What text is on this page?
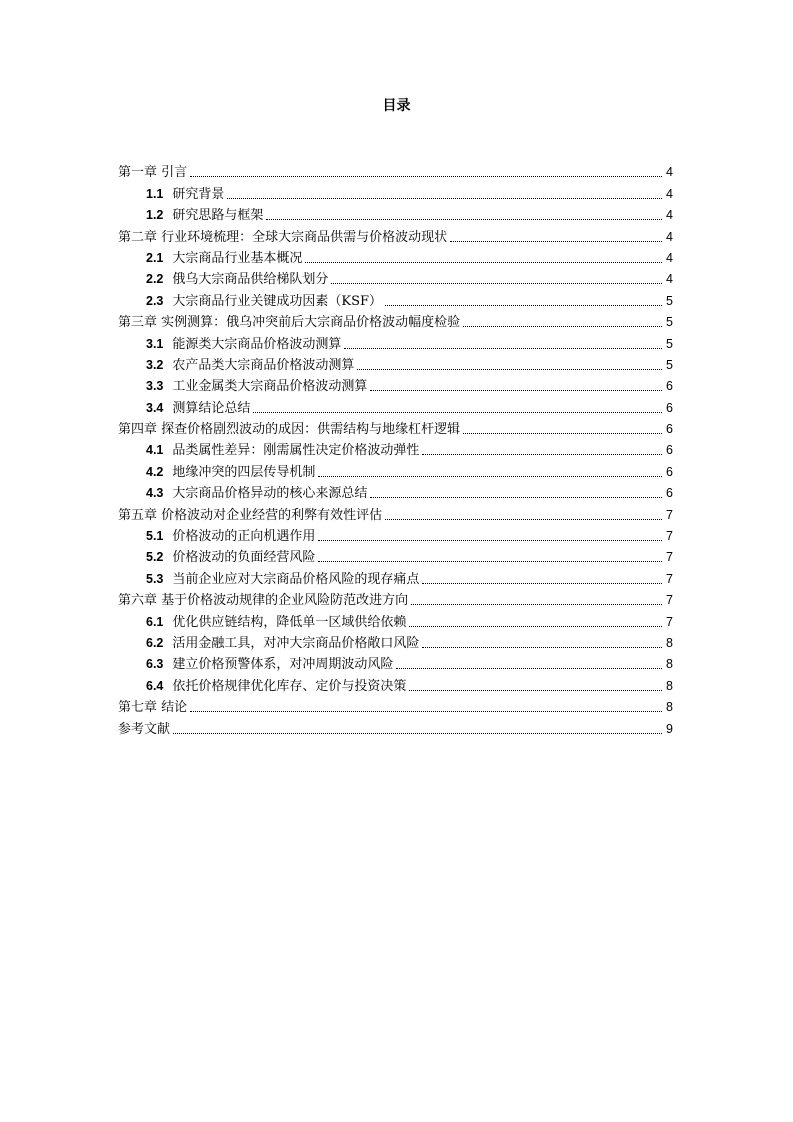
目录
第一章 引言	4
1.1 研究背景	4
1.2 研究思路与框架	4
第二章 行业环境梳理：全球大宗商品供需与价格波动现状	4
2.1 大宗商品行业基本概况	4
2.2 俄乌大宗商品供给梯队划分	4
2.3 大宗商品行业关键成功因素（KSF）	5
第三章 实例测算：俄乌冲突前后大宗商品价格波动幅度检验	5
3.1 能源类大宗商品价格波动测算	5
3.2 农产品类大宗商品价格波动测算	5
3.3 工业金属类大宗商品价格波动测算	6
3.4 测算结论总结	6
第四章 探查价格剧烈波动的成因：供需结构与地缘杠杆逻辑	6
4.1 品类属性差异：刚需属性决定价格波动弹性	6
4.2 地缘冲突的四层传导机制	6
4.3 大宗商品价格异动的核心来源总结	6
第五章 价格波动对企业经营的利弊有效性评估	7
5.1 价格波动的正向机遇作用	7
5.2 价格波动的负面经营风险	7
5.3 当前企业应对大宗商品价格风险的现存痛点	7
第六章 基于价格波动规律的企业风险防范改进方向	7
6.1 优化供应链结构，降低单一区域供给依赖	7
6.2 活用金融工具，对冲大宗商品价格敞口风险	8
6.3 建立价格预警体系，对冲周期波动风险	8
6.4 依托价格规律优化库存、定价与投资决策	8
第七章 结论	8
参考文献	9
